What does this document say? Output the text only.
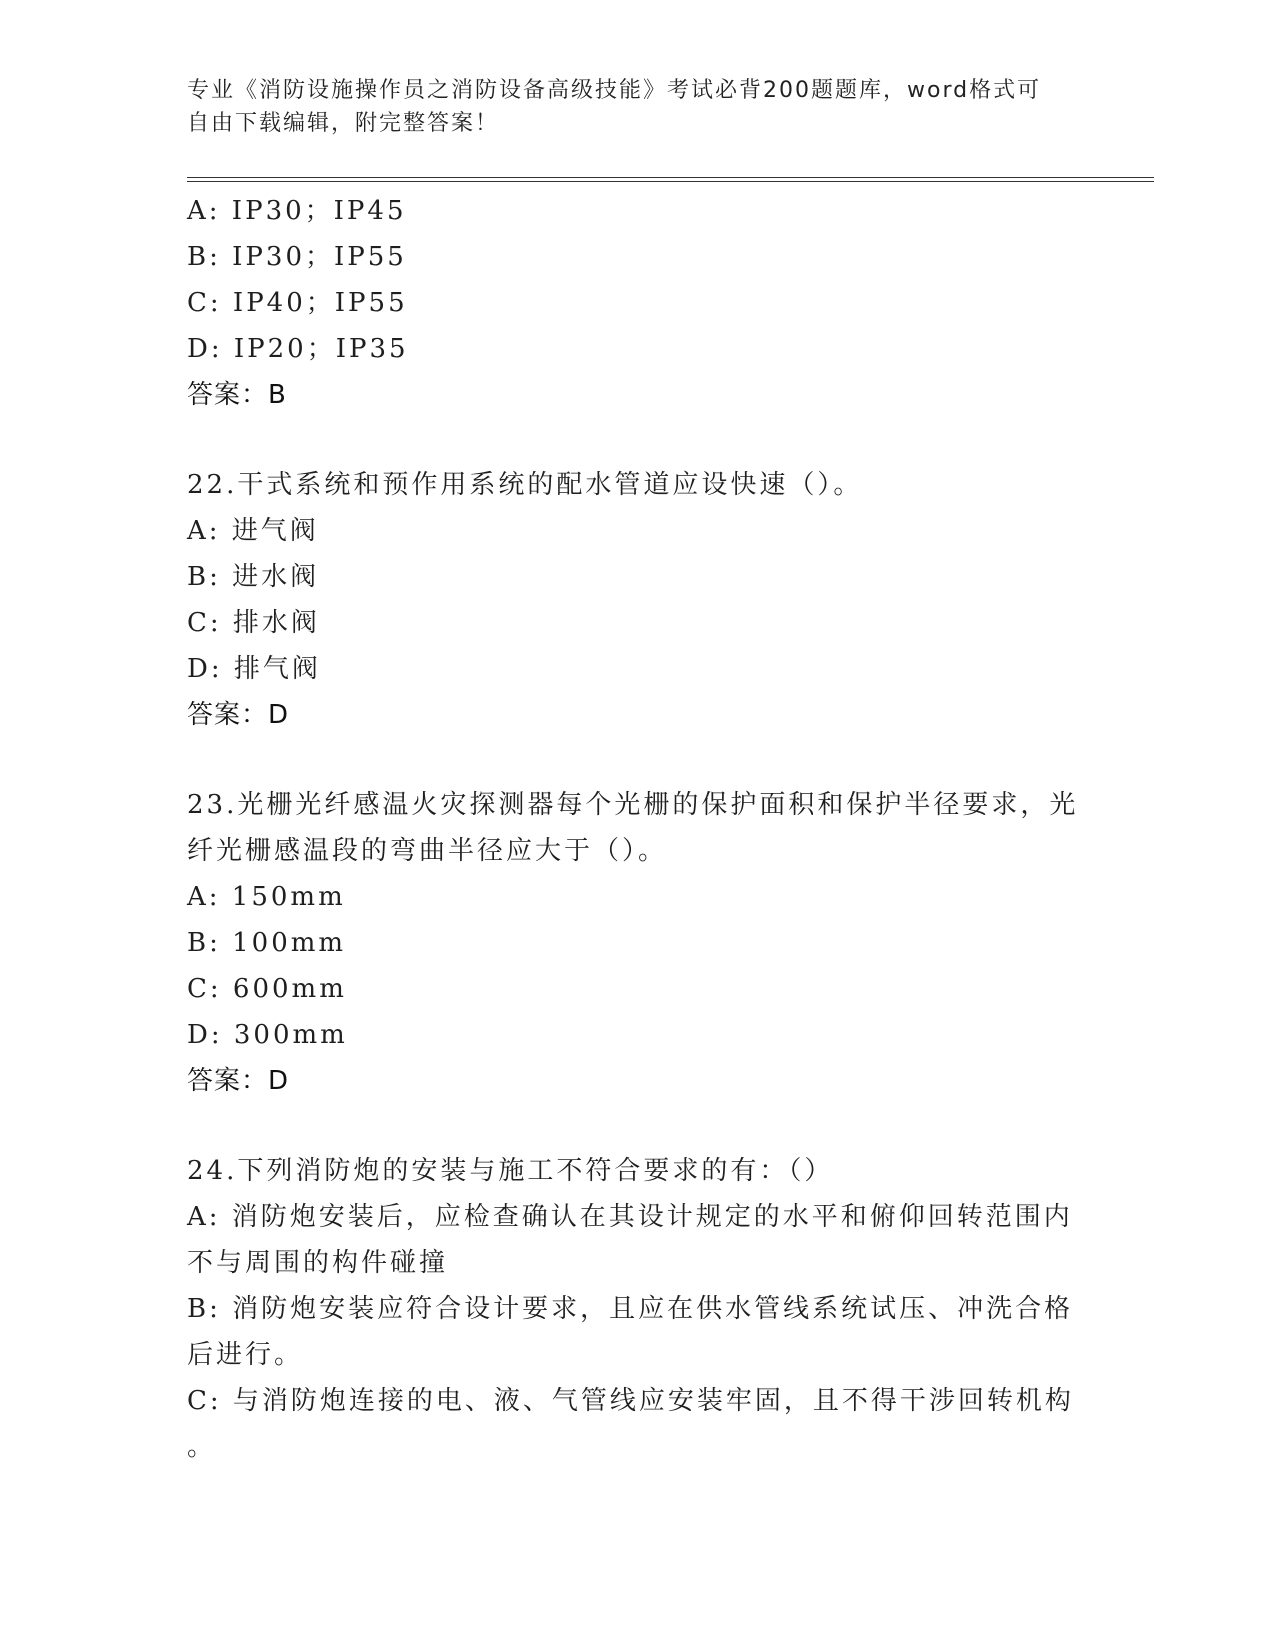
专业《消防设施操作员之消防设备高级技能》考试必背200题题库，word格式可
自由下载编辑，附完整答案！
A: IP30；IP45
B: IP30；IP55
C: IP40；IP55
D: IP20；IP35
答案：B
22.干式系统和预作用系统的配水管道应设快速（）。
A: 进气阀
B: 进水阀
C: 排水阀
D: 排气阀
答案：D
23.光栅光纤感温火灾探测器每个光栅的保护面积和保护半径要求，光
纤光栅感温段的弯曲半径应大于（）。
A: 150mm
B: 100mm
C: 600mm
D: 300mm
答案：D
24.下列消防炮的安装与施工不符合要求的有：（）
A: 消防炮安装后，应检查确认在其设计规定的水平和俯仰回转范围内
不与周围的构件碰撞
B: 消防炮安装应符合设计要求，且应在供水管线系统试压、冲洗合格
后进行。
C: 与消防炮连接的电、液、气管线应安装牢固，且不得干涉回转机构
。
